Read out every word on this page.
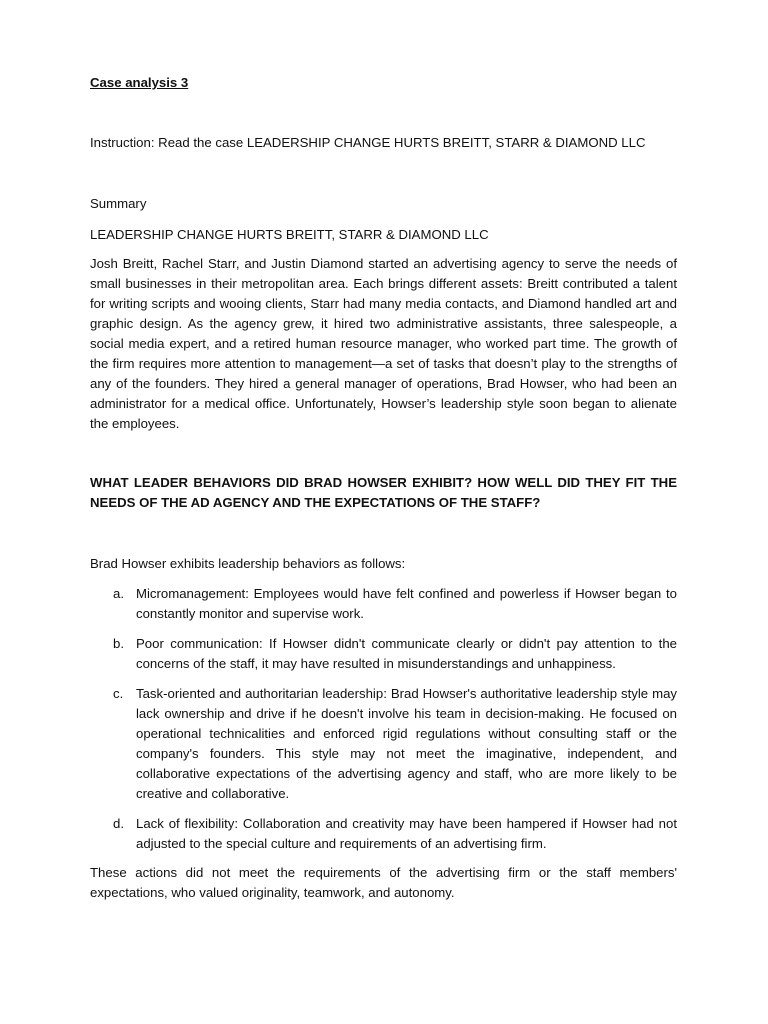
Case analysis 3

Instruction: Read the case LEADERSHIP CHANGE HURTS BREITT, STARR & DIAMOND LLC

Summary

LEADERSHIP CHANGE HURTS BREITT, STARR & DIAMOND LLC

Josh Breitt, Rachel Starr, and Justin Diamond started an advertising agency to serve the needs of small businesses in their metropolitan area. Each brings different assets: Breitt contributed a talent for writing scripts and wooing clients, Starr had many media contacts, and Diamond handled art and graphic design. As the agency grew, it hired two administrative assistants, three salespeople, a social media expert, and a retired human resource manager, who worked part time. The growth of the firm requires more attention to management—a set of tasks that doesn’t play to the strengths of any of the founders. They hired a general manager of operations, Brad Howser, who had been an administrator for a medical office. Unfortunately, Howser’s leadership style soon began to alienate the employees.

WHAT LEADER BEHAVIORS DID BRAD HOWSER EXHIBIT? HOW WELL DID THEY FIT THE NEEDS OF THE AD AGENCY AND THE EXPECTATIONS OF THE STAFF?

Brad Howser exhibits leadership behaviors as follows:

a. Micromanagement: Employees would have felt confined and powerless if Howser began to constantly monitor and supervise work.
b. Poor communication: If Howser didn't communicate clearly or didn't pay attention to the concerns of the staff, it may have resulted in misunderstandings and unhappiness.
c. Task-oriented and authoritarian leadership: Brad Howser's authoritative leadership style may lack ownership and drive if he doesn't involve his team in decision-making. He focused on operational technicalities and enforced rigid regulations without consulting staff or the company's founders. This style may not meet the imaginative, independent, and collaborative expectations of the advertising agency and staff, who are more likely to be creative and collaborative.
d. Lack of flexibility: Collaboration and creativity may have been hampered if Howser had not adjusted to the special culture and requirements of an advertising firm.

These actions did not meet the requirements of the advertising firm or the staff members' expectations, who valued originality, teamwork, and autonomy.
